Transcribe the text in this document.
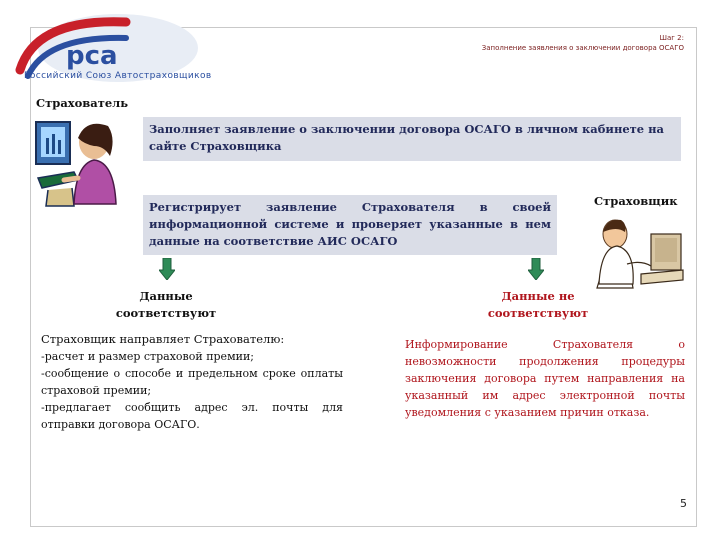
рса
Российский Союз Автостраховщиков
Шаг 2:
Заполнение заявления о заключении договора ОСАГО
Страхователь
Страховщик
Заполняет заявление о заключении договора ОСАГО в личном кабинете на сайте Страховщика
Регистрирует заявление Страхователя в своей информационной системе и проверяет указанные в нем данные на соответствие АИС ОСАГО
Данные
соответствуют
Данные не
соответствуют
Страховщик направляет Страхователю:
-расчет и размер страховой премии;
-сообщение о способе и предельном сроке оплаты страховой премии;
-предлагает сообщить адрес эл. почты для отправки договора ОСАГО.
Информирование Страхователя о невозможности продолжения процедуры заключения договора путем направления на указанный им адрес электронной почты уведомления с указанием причин отказа.
5
